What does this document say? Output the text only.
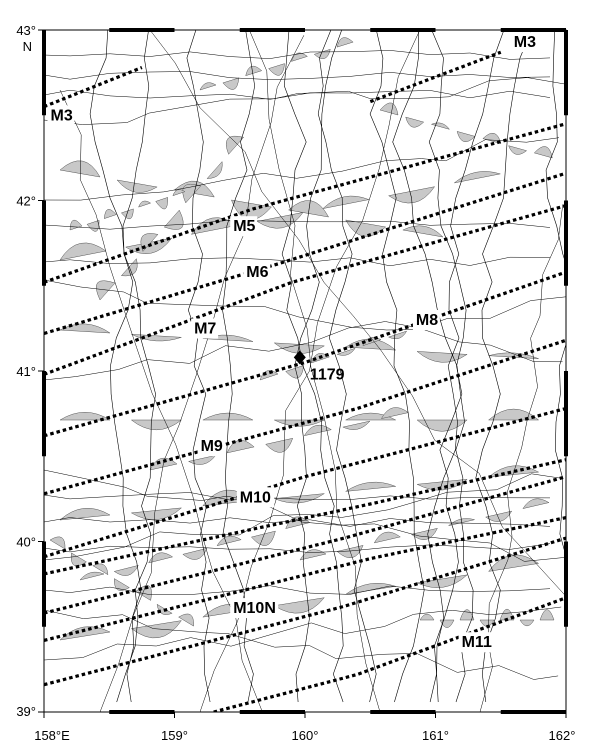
158°E	159°	160°	161°	162°
43°
N
42°
41°
40°
39°
M3
M3
M5
M6
M7	M8
M9
M10
M10N
M11
1179
